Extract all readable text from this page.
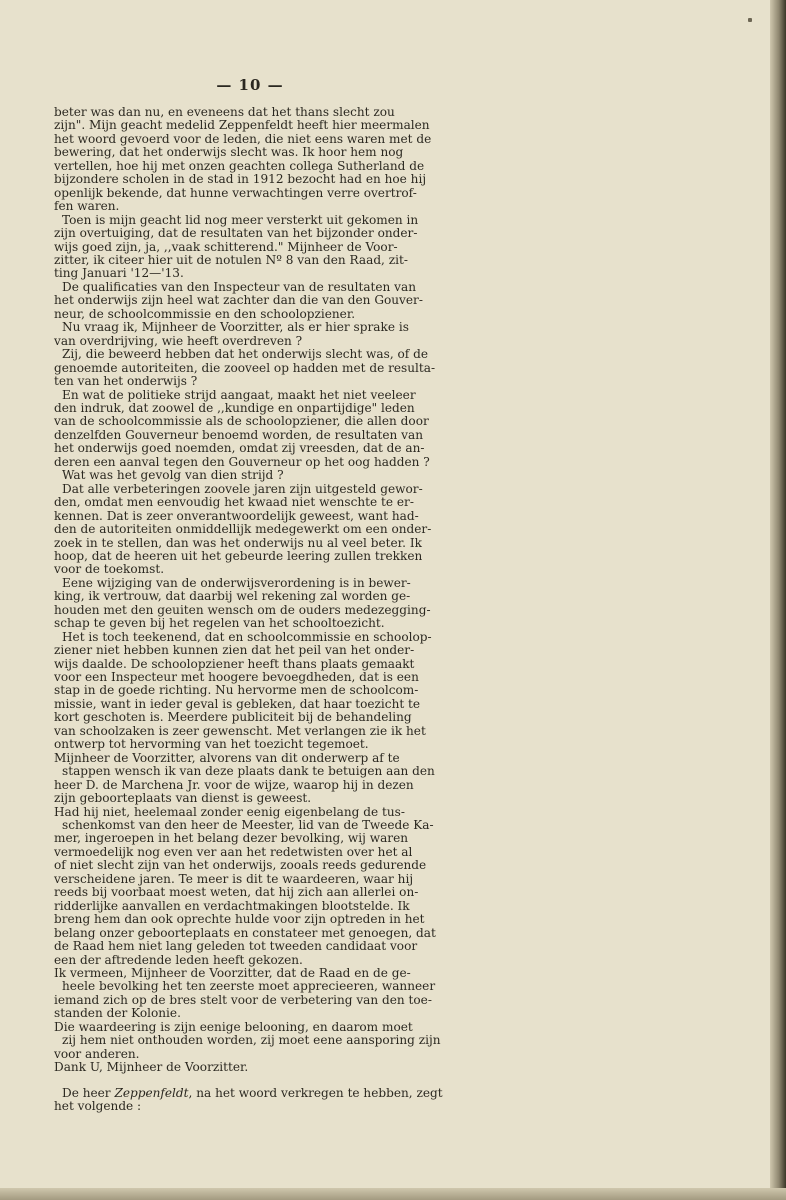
— 10 —
beter was dan nu, en eveneens dat het thans slecht zou
zijn". Mijn geacht medelid Zeppenfeldt heeft hier meermalen
het woord gevoerd voor de leden, die niet eens waren met de
bewering, dat het onderwijs slecht was. Ik hoor hem nog
vertellen, hoe hij met onzen geachten collega Sutherland de
bijzondere scholen in de stad in 1912 bezocht had en hoe hij
openlijk bekende, dat hunne verwachtingen verre overtrof-
fen waren.
Toen is mijn geacht lid nog meer versterkt uit gekomen in
zijn overtuiging, dat de resultaten van het bijzonder onder-
wijs goed zijn, ja, ,,vaak schitterend." Mijnheer de Voor-
zitter, ik citeer hier uit de notulen Nº 8 van den Raad, zit-
ting Januari '12—'13.
De qualificaties van den Inspecteur van de resultaten van
het onderwijs zijn heel wat zachter dan die van den Gouver-
neur, de schoolcommissie en den schoolopziener.
Nu vraag ik, Mijnheer de Voorzitter, als er hier sprake is
van overdrijving, wie heeft overdreven ?
Zij, die beweerd hebben dat het onderwijs slecht was, of de
genoemde autoriteiten, die zooveel op hadden met de resulta-
ten van het onderwijs ?
En wat de politieke strijd aangaat, maakt het niet veeleer
den indruk, dat zoowel de ,,kundige en onpartijdige" leden
van de schoolcommissie als de schoolopziener, die allen door
denzelfden Gouverneur benoemd worden, de resultaten van
het onderwijs goed noemden, omdat zij vreesden, dat de an-
deren een aanval tegen den Gouverneur op het oog hadden ?
Wat was het gevolg van dien strijd ?
Dat alle verbeteringen zoovele jaren zijn uitgesteld gewor-
den, omdat men eenvoudig het kwaad niet wenschte te er-
kennen. Dat is zeer onverantwoordelijk geweest, want had-
den de autoriteiten onmiddellijk medegewerkt om een onder-
zoek in te stellen, dan was het onderwijs nu al veel beter. Ik
hoop, dat de heeren uit het gebeurde leering zullen trekken
voor de toekomst.
Eene wijziging van de onderwijsverordening is in bewer-
king, ik vertrouw, dat daarbij wel rekening zal worden ge-
houden met den geuiten wensch om de ouders medezegging-
schap te geven bij het regelen van het schooltoezicht.
Het is toch teekenend, dat en schoolcommissie en schoolop-
ziener niet hebben kunnen zien dat het peil van het onder-
wijs daalde. De schoolopziener heeft thans plaats gemaakt
voor een Inspecteur met hoogere bevoegdheden, dat is een
stap in de goede richting. Nu hervorme men de schoolcom-
missie, want in ieder geval is gebleken, dat haar toezicht te
kort geschoten is. Meerdere publiciteit bij de behandeling
van schoolzaken is zeer gewenscht. Met verlangen zie ik het
ontwerp tot hervorming van het toezicht tegemoet.
Mijnheer de Voorzitter, alvorens van dit onderwerp af te
stappen wensch ik van deze plaats dank te betuigen aan den
heer D. de Marchena Jr. voor de wijze, waarop hij in dezen
zijn geboorteplaats van dienst is geweest.
Had hij niet, heelemaal zonder eenig eigenbelang de tus-
schenkomst van den heer de Meester, lid van de Tweede Ka-
mer, ingeroepen in het belang dezer bevolking, wij waren
vermoedelijk nog even ver aan het redetwisten over het al
of niet slecht zijn van het onderwijs, zooals reeds gedurende
verscheidene jaren. Te meer is dit te waardeeren, waar hij
reeds bij voorbaat moest weten, dat hij zich aan allerlei on-
ridderlijke aanvallen en verdachtmakingen blootstelde. Ik
breng hem dan ook oprechte hulde voor zijn optreden in het
belang onzer geboorteplaats en constateer met genoegen, dat
de Raad hem niet lang geleden tot tweeden candidaat voor
een der aftredende leden heeft gekozen.
Ik vermeen, Mijnheer de Voorzitter, dat de Raad en de ge-
heele bevolking het ten zeerste moet apprecieeren, wanneer
iemand zich op de bres stelt voor de verbetering van den toe-
standen der Kolonie.
Die waardeering is zijn eenige belooning, en daarom moet
zij hem niet onthouden worden, zij moet eene aansporing zijn
voor anderen.
Dank U, Mijnheer de Voorzitter.
De heer Zeppenfeldt, na het woord verkregen te hebben, zegt
het volgende :
